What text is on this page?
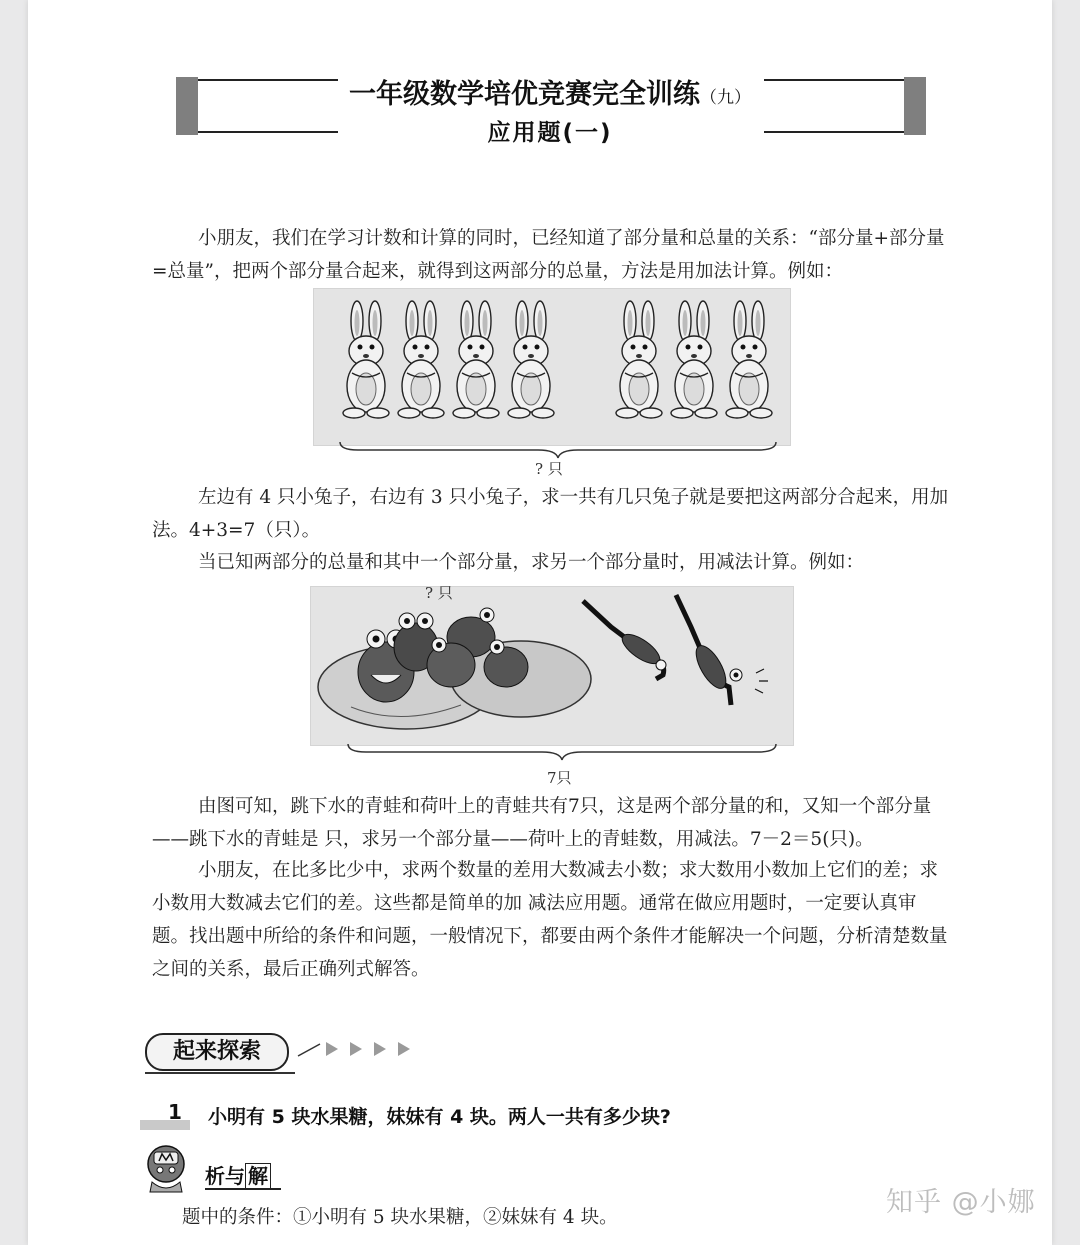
一年级数学培优竞赛完全训练（九）
应用题(一)
小朋友，我们在学习计数和计算的同时，已经知道了部分量和总量的关系：“部分量+部分量=总量”，把两个部分量合起来，就得到这两部分的总量，方法是用加法计算。例如：
? 只
左边有 4 只小兔子，右边有 3 只小兔子，求一共有几只兔子就是要把这两部分合起来，用加法。4+3=7（只）。
当已知两部分的总量和其中一个部分量，求另一个部分量时，用减法计算。例如：
? 只
7只
由图可知，跳下水的青蛙和荷叶上的青蛙共有7只，这是两个部分量的和，又知一个部分量——跳下水的青蛙是 只，求另一个部分量——荷叶上的青蛙数，用减法。7－2＝5(只)。
小朋友，在比多比少中，求两个数量的差用大数减去小数；求大数用小数加上它们的差；求小数用大数减去它们的差。这些都是简单的加 减法应用题。通常在做应用题时，一定要认真审题。找出题中所给的条件和问题，一般情况下，都要由两个条件才能解决一个问题，分析清楚数量之间的关系，最后正确列式解答。
起来探索
1 小明有 5 块水果糖，妹妹有 4 块。两人一共有多少块?
析与 解
题中的条件：①小明有 5 块水果糖，②妹妹有 4 块。	知乎 @小娜
